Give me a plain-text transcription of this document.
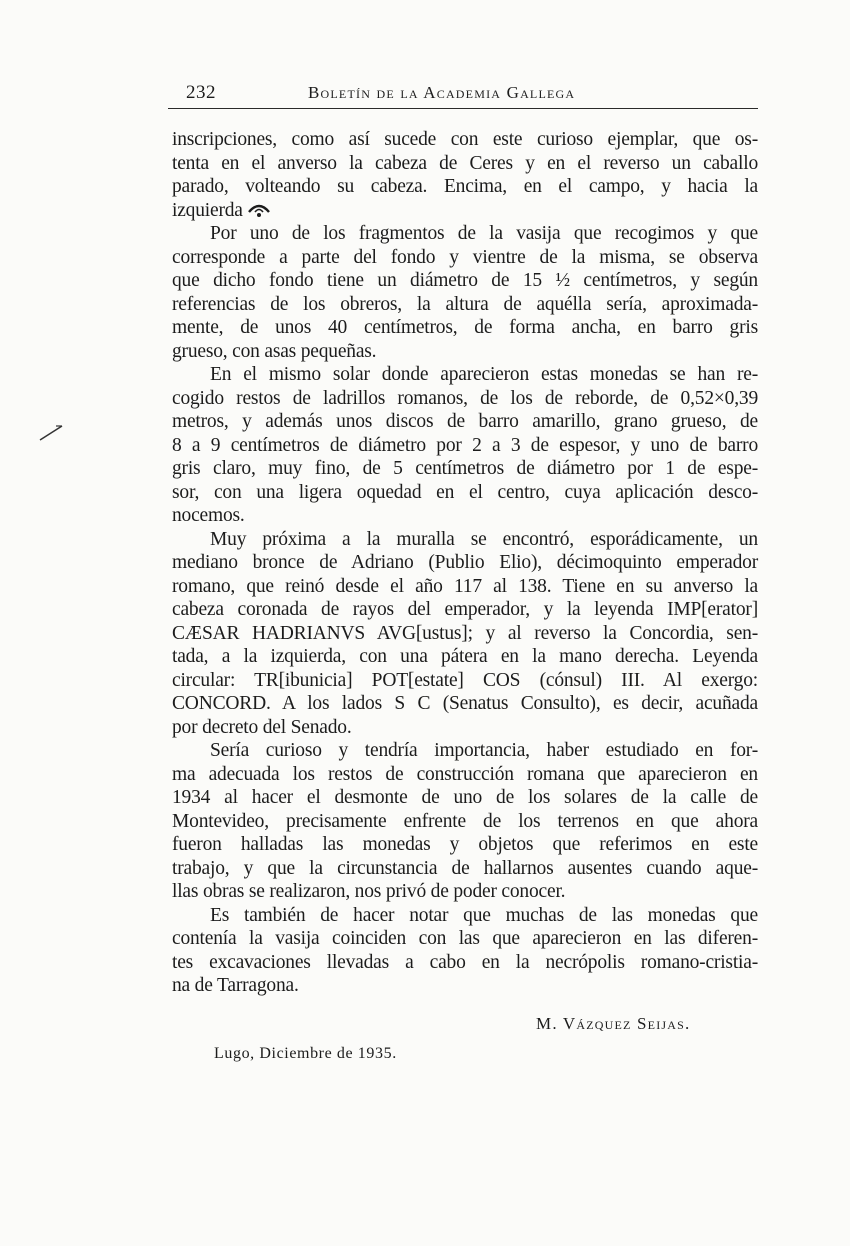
232	Boletín de la Academia Gallega
inscripciones, como así sucede con este curioso ejemplar, que os-
tenta en el anverso la cabeza de Ceres y en el reverso un caballo
parado, volteando su cabeza. Encima, en el campo, y hacia la
izquierda
Por uno de los fragmentos de la vasija que recogimos y que
corresponde a parte del fondo y vientre de la misma, se observa
que dicho fondo tiene un diámetro de 15 ½ centímetros, y según
referencias de los obreros, la altura de aquélla sería, aproximada-
mente, de unos 40 centímetros, de forma ancha, en barro gris
grueso, con asas pequeñas.
En el mismo solar donde aparecieron estas monedas se han re-
cogido restos de ladrillos romanos, de los de reborde, de 0,52×0,39
metros, y además unos discos de barro amarillo, grano grueso, de
8 a 9 centímetros de diámetro por 2 a 3 de espesor, y uno de barro
gris claro, muy fino, de 5 centímetros de diámetro por 1 de espe-
sor, con una ligera oquedad en el centro, cuya aplicación desco-
nocemos.
Muy próxima a la muralla se encontró, esporádicamente, un
mediano bronce de Adriano (Publio Elio), décimoquinto emperador
romano, que reinó desde el año 117 al 138. Tiene en su anverso la
cabeza coronada de rayos del emperador, y la leyenda IMP[erator]
CÆSAR HADRIANVS AVG[ustus]; y al reverso la Concordia, sen-
tada, a la izquierda, con una pátera en la mano derecha. Leyenda
circular: TR[ibunicia] POT[estate] COS (cónsul) III. Al exergo:
CONCORD. A los lados S C (Senatus Consulto), es decir, acuñada
por decreto del Senado.
Sería curioso y tendría importancia, haber estudiado en for-
ma adecuada los restos de construcción romana que aparecieron en
1934 al hacer el desmonte de uno de los solares de la calle de
Montevideo, precisamente enfrente de los terrenos en que ahora
fueron halladas las monedas y objetos que referimos en este
trabajo, y que la circunstancia de hallarnos ausentes cuando aque-
llas obras se realizaron, nos privó de poder conocer.
Es también de hacer notar que muchas de las monedas que
contenía la vasija coinciden con las que aparecieron en las diferen-
tes excavaciones llevadas a cabo en la necrópolis romano-cristia-
na de Tarragona.
M. Vázquez Seijas.
Lugo, Diciembre de 1935.
